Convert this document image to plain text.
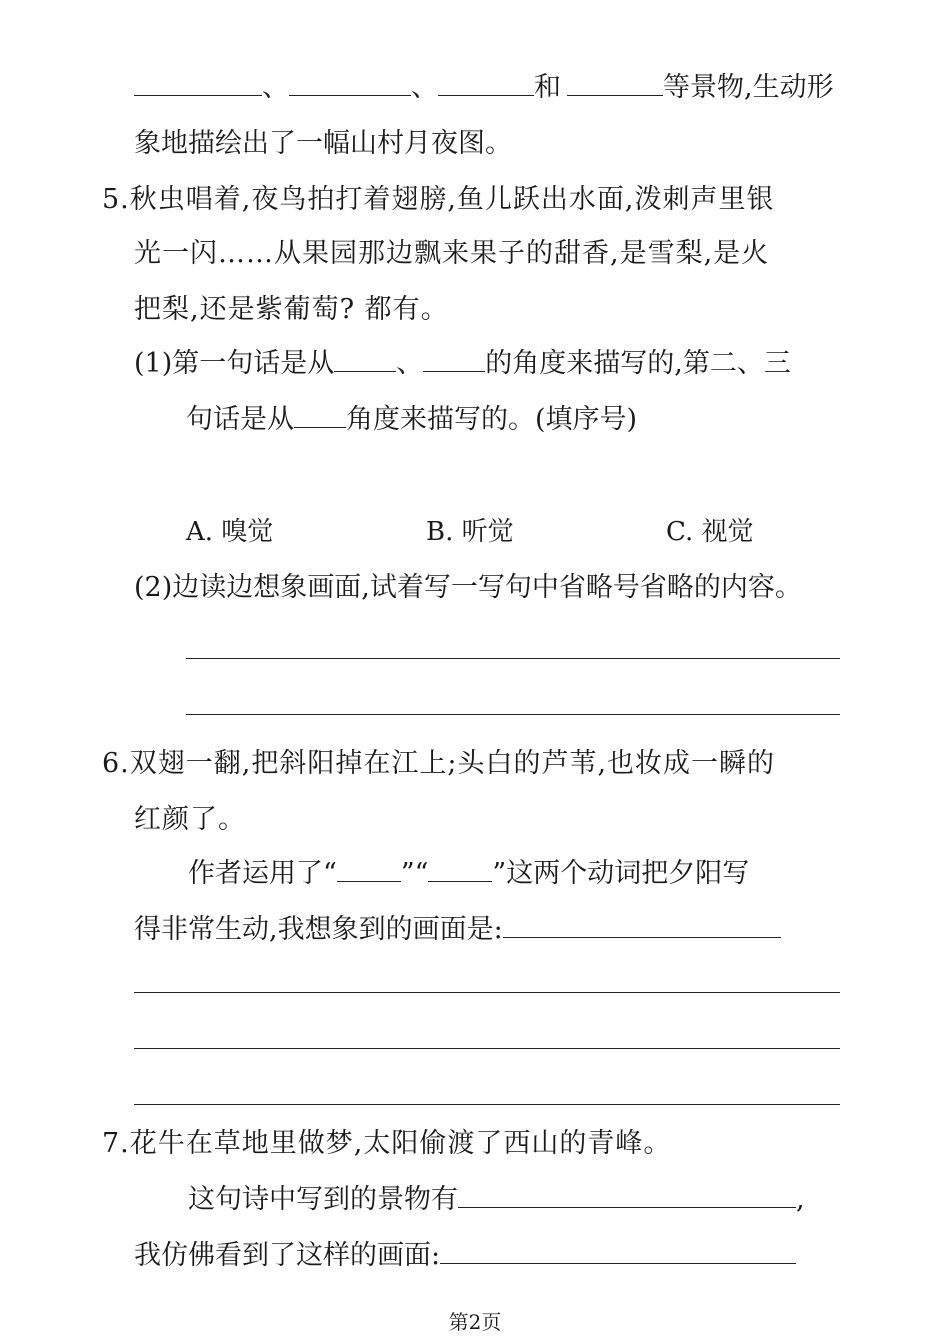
、	、	和	等景物,生动形
象地描绘出了一幅山村月夜图。
5.秋虫唱着,夜鸟拍打着翅膀,鱼儿跃出水面,泼刺声里银
光一闪……从果园那边飘来果子的甜香,是雪梨,是火
把梨,还是紫葡萄? 都有。
(1)第一句话是从 、 的角度来描写的,第二、三
句话是从 角度来描写的。(填序号)
A. 嗅觉	B. 听觉	C. 视觉
(2)边读边想象画面,试着写一写句中省略号省略的内容。
6.双翅一翻,把斜阳掉在江上;头白的芦苇,也妆成一瞬的
红颜了。
作者运用了“ ”“ ”这两个动词把夕阳写
得非常生动,我想象到的画面是:
7.花牛在草地里做梦,太阳偷渡了西山的青峰。
这句诗中写到的景物有	,
我仿佛看到了这样的画面:
第2页
